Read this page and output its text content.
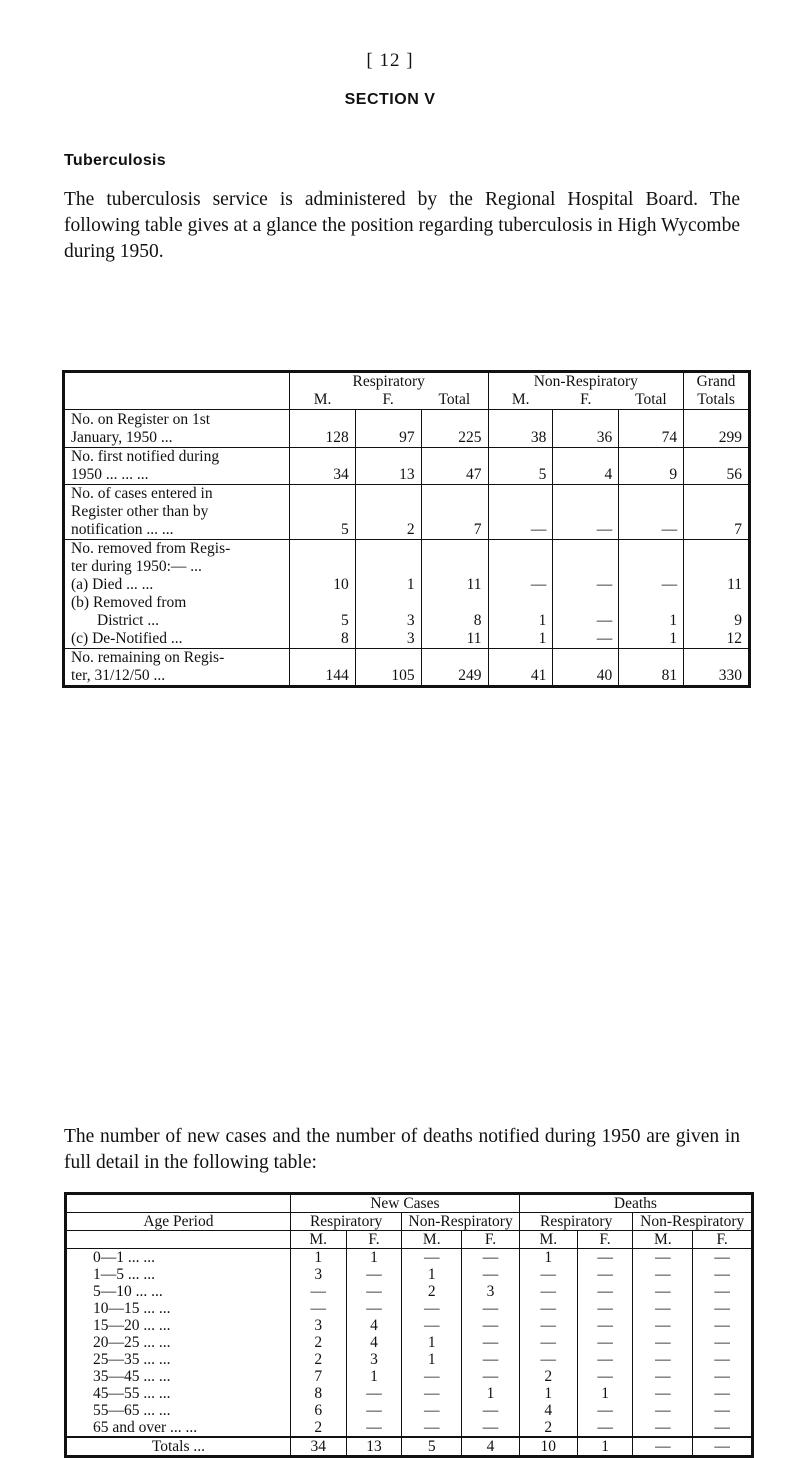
[ 12 ]
SECTION V
Tuberculosis
The tuberculosis service is administered by the Regional Hospital Board. The following table gives at a glance the position regarding tuberculosis in High Wycombe during 1950.
	Respiratory			Non-Respiratory			Grand
	M.	F.	Total	M.	F.	Total	Totals

No. on Register on 1st
January, 1950 ...	128	97	225	38	36	74	299

No. first notified during
1950 ... ... ...	34	13	47	5	4	9	56

No. of cases entered in
Register other than by
notification ... ...	5	2	7	—	—	—	7

No. removed from Regis-
ter during 1950:— ...							

(a) Died ... ...	10	1	11	—	—	—	11

(b) Removed from
District ...	5	3	8	1	—	1	9

(c) De-Notified ...	8	3	11	1	—	1	12

No. remaining on Regis-
ter, 31/12/50 ...	144	105	249	41	40	81	330
The number of new cases and the number of deaths notified during 1950 are given in full detail in the following table:
	New Cases				Deaths			
Age Period	Respiratory		Non-Respiratory		Respiratory		Non-Respiratory	
	M.	F.	M.	F.	M.	F.	M.	F.
0—1 ... ...	1	1	—	—	1	—	—	—
1—5 ... ...	3	—	1	—	—	—	—	—
5—10 ... ...	—	—	2	3	—	—	—	—
10—15 ... ...	—	—	—	—	—	—	—	—
15—20 ... ...	3	4	—	—	—	—	—	—
20—25 ... ...	2	4	1	—	—	—	—	—
25—35 ... ...	2	3	1	—	—	—	—	—
35—45 ... ...	7	1	—	—	2	—	—	—
45—55 ... ...	8	—	—	1	1	1	—	—
55—65 ... ...	6	—	—	—	4	—	—	—
65 and over ... ...	2	—	—	—	2	—	—	—
Totals ...	34	13	5	4	10	1	—	—
